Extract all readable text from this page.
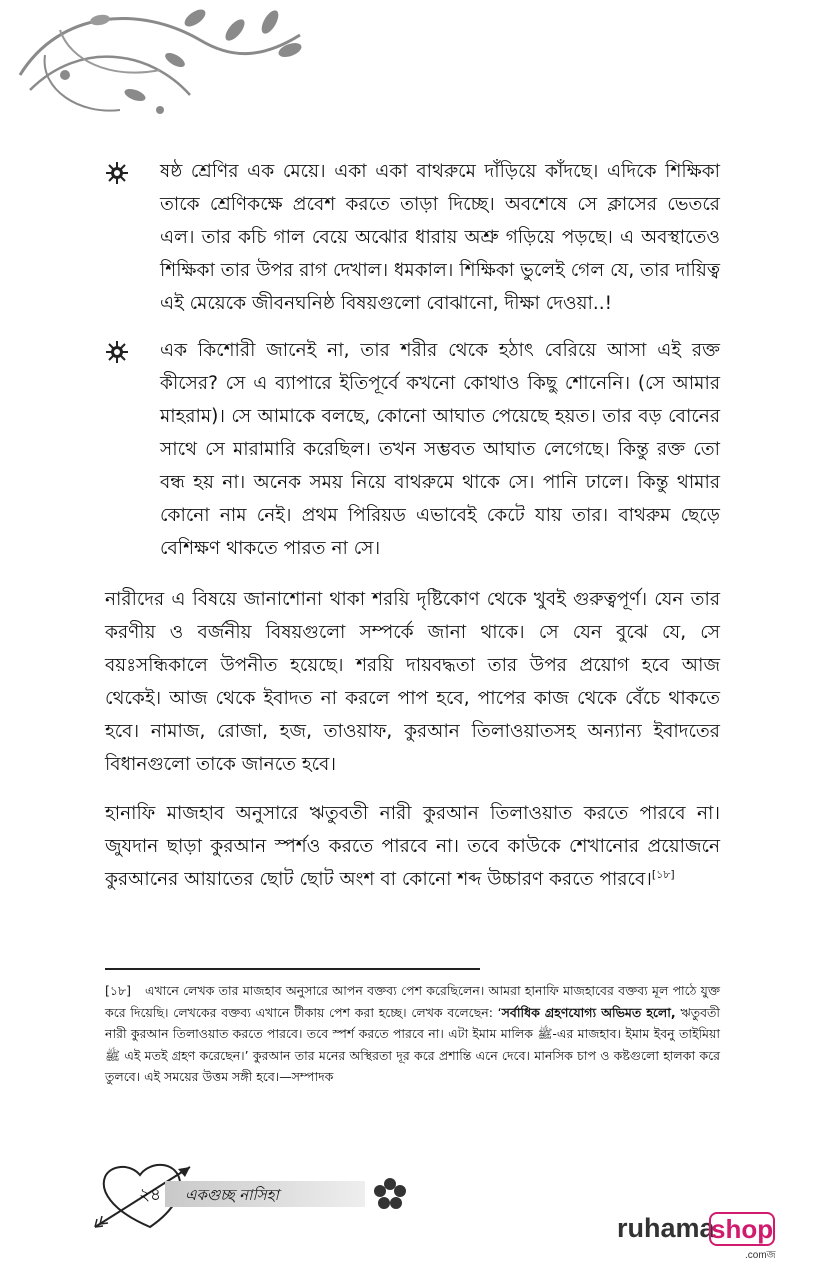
ষষ্ঠ শ্রেণির এক মেয়ে। একা একা বাথরুমে দাঁড়িয়ে কাঁদছে। এদিকে শিক্ষিকা তাকে শ্রেণিকক্ষে প্রবেশ করতে তাড়া দিচ্ছে। অবশেষে সে ক্লাসের ভেতরে এল। তার কচি গাল বেয়ে অঝোর ধারায় অশ্রু গড়িয়ে পড়ছে। এ অবস্থাতেও শিক্ষিকা তার উপর রাগ দেখাল। ধমকাল। শিক্ষিকা ভুলেই গেল যে, তার দায়িত্ব এই মেয়েকে জীবনঘনিষ্ঠ বিষয়গুলো বোঝানো, দীক্ষা দেওয়া..!

এক কিশোরী জানেই না, তার শরীর থেকে হঠাৎ বেরিয়ে আসা এই রক্ত কীসের? সে এ ব্যাপারে ইতিপূর্বে কখনো কোথাও কিছু শোনেনি। (সে আমার মাহরাম)। সে আমাকে বলছে, কোনো আঘাত পেয়েছে হয়ত। তার বড় বোনের সাথে সে মারামারি করেছিল। তখন সম্ভবত আঘাত লেগেছে। কিন্তু রক্ত তো বন্ধ হয় না। অনেক সময় নিয়ে বাথরুমে থাকে সে। পানি ঢালে। কিন্তু থামার কোনো নাম নেই। প্রথম পিরিয়ড এভাবেই কেটে যায় তার। বাথরুম ছেড়ে বেশিক্ষণ থাকতে পারত না সে।

নারীদের এ বিষয়ে জানাশোনা থাকা শরয়ি দৃষ্টিকোণ থেকে খুবই গুরুত্বপূর্ণ। যেন তার করণীয় ও বর্জনীয় বিষয়গুলো সম্পর্কে জানা থাকে। সে যেন বুঝে যে, সে বয়ঃসন্ধিকালে উপনীত হয়েছে। শরয়ি দায়বদ্ধতা তার উপর প্রয়োগ হবে আজ থেকেই। আজ থেকে ইবাদত না করলে পাপ হবে, পাপের কাজ থেকে বেঁচে থাকতে হবে। নামাজ, রোজা, হজ, তাওয়াফ, কুরআন তিলাওয়াতসহ অন্যান্য ইবাদতের বিধানগুলো তাকে জানতে হবে।

হানাফি মাজহাব অনুসারে ঋতুবতী নারী কুরআন তিলাওয়াত করতে পারবে না। জুযদান ছাড়া কুরআন স্পর্শও করতে পারবে না। তবে কাউকে শেখানোর প্রয়োজনে কুরআনের আয়াতের ছোট ছোট অংশ বা কোনো শব্দ উচ্চারণ করতে পারবে।[১৮]

[১৮] এখানে লেখক তার মাজহাব অনুসারে আপন বক্তব্য পেশ করেছিলেন। আমরা হানাফি মাজহাবের বক্তব্য মূল পাঠে যুক্ত করে দিয়েছি। লেখকের বক্তব্য এখানে টীকায় পেশ করা হচ্ছে। লেখক বলেছেন: ‘সর্বাধিক গ্রহণযোগ্য অভিমত হলো, ঋতুবতী নারী কুরআন তিলাওয়াত করতে পারবে। তবে স্পর্শ করতে পারবে না। এটা ইমাম মালিক ﷺ-এর মাজহাব। ইমাম ইবনু তাইমিয়া ﷺ এই মতই গ্রহণ করেছেন।’ কুরআন তার মনের অস্থিরতা দূর করে প্রশান্তি এনে দেবে। মানসিক চাপ ও কষ্টগুলো হালকা করে তুলবে। এই সময়ের উত্তম সঙ্গী হবে।—সম্পাদক
২৪	একগুচ্ছ নাসিহা
ruhama
shop
.comজ
